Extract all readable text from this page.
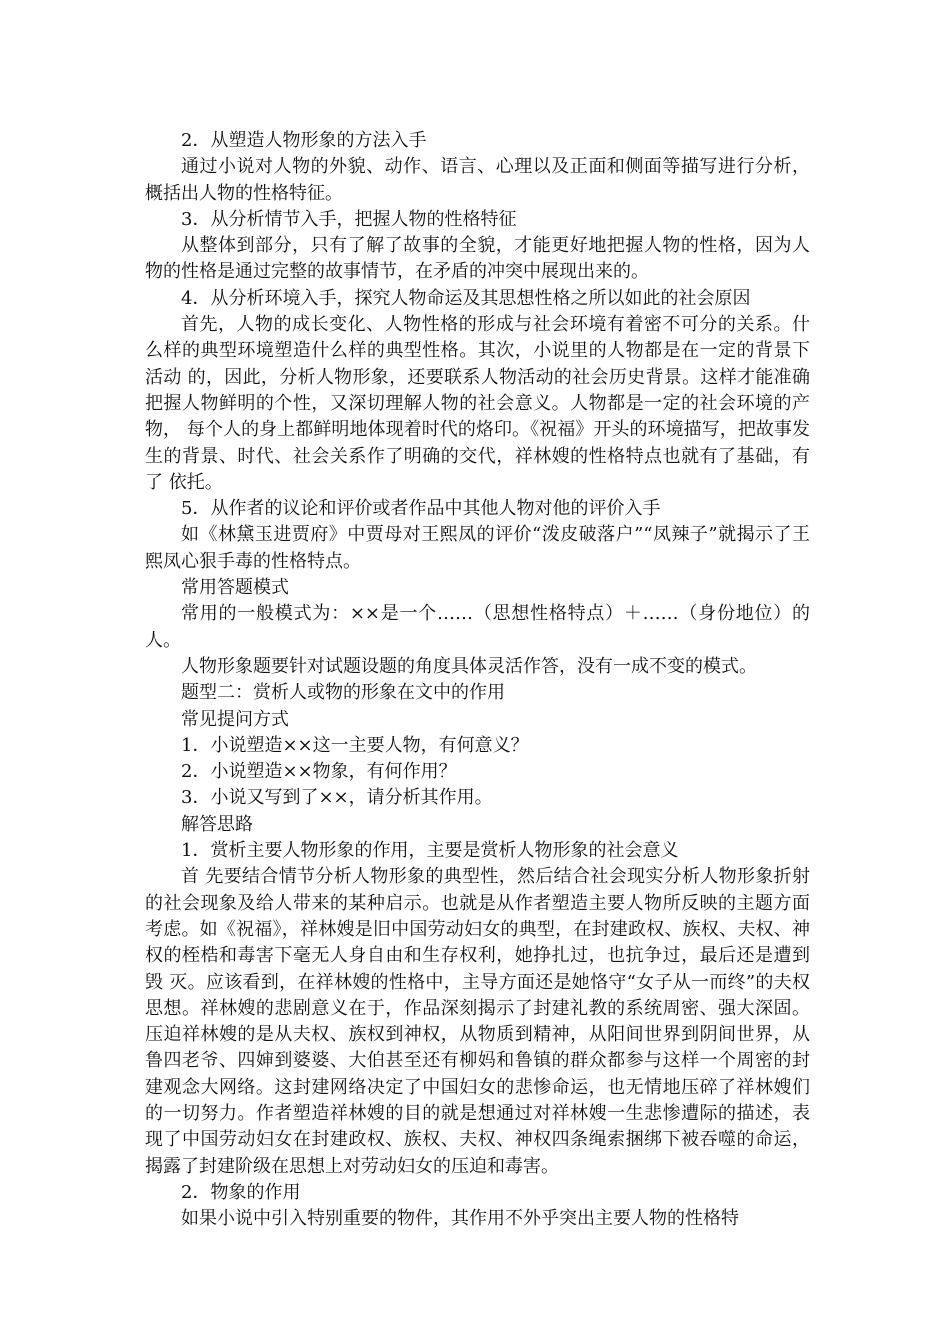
2．从塑造人物形象的方法入手

通过小说对人物的外貌、动作、语言、心理以及正面和侧面等描写进行分析，概括出人物的性格特征。

3．从分析情节入手，把握人物的性格特征

从整体到部分，只有了解了故事的全貌，才能更好地把握人物的性格，因为人物的性格是通过完整的故事情节，在矛盾的冲突中展现出来的。

4．从分析环境入手，探究人物命运及其思想性格之所以如此的社会原因

首先，人物的成长变化、人物性格的形成与社会环境有着密不可分的关系。什么样的典型环境塑造什么样的典型性格。其次，小说里的人物都是在一定的背景下活动 的，因此，分析人物形象，还要联系人物活动的社会历史背景。这样才能准确把握人物鲜明的个性，又深切理解人物的社会意义。人物都是一定的社会环境的产物， 每个人的身上都鲜明地体现着时代的烙印。《祝福》开头的环境描写，把故事发生的背景、时代、社会关系作了明确的交代，祥林嫂的性格特点也就有了基础，有了 依托。

5．从作者的议论和评价或者作品中其他人物对他的评价入手

如《林黛玉进贾府》中贾母对王熙凤的评价“泼皮破落户”“凤辣子”就揭示了王熙凤心狠手毒的性格特点。

常用答题模式

常用的一般模式为：××是一个……（思想性格特点）＋……（身份地位）的人。

人物形象题要针对试题设题的角度具体灵活作答，没有一成不变的模式。

题型二：赏析人或物的形象在文中的作用

常见提问方式

1．小说塑造××这一主要人物，有何意义？

2．小说塑造××物象，有何作用？

3．小说又写到了××，请分析其作用。

解答思路

1．赏析主要人物形象的作用，主要是赏析人物形象的社会意义

首 先要结合情节分析人物形象的典型性，然后结合社会现实分析人物形象折射的社会现象及给人带来的某种启示。也就是从作者塑造主要人物所反映的主题方面考虑。如《祝福》，祥林嫂是旧中国劳动妇女的典型，在封建政权、族权、夫权、神权的桎梏和毒害下毫无人身自由和生存权利，她挣扎过，也抗争过，最后还是遭到毁 灭。应该看到，在祥林嫂的性格中，主导方面还是她恪守“女子从一而终”的夫权思想。祥林嫂的悲剧意义在于，作品深刻揭示了封建礼教的系统周密、强大深固。压迫祥林嫂的是从夫权、族权到神权，从物质到精神，从阳间世界到阴间世界，从鲁四老爷、四婶到婆婆、大伯甚至还有柳妈和鲁镇的群众都参与这样一个周密的封 建观念大网络。这封建网络决定了中国妇女的悲惨命运，也无情地压碎了祥林嫂们的一切努力。作者塑造祥林嫂的目的就是想通过对祥林嫂一生悲惨遭际的描述，表 现了中国劳动妇女在封建政权、族权、夫权、神权四条绳索捆绑下被吞噬的命运，揭露了封建阶级在思想上对劳动妇女的压迫和毒害。

2．物象的作用

如果小说中引入特别重要的物件，其作用不外乎突出主要人物的性格特
